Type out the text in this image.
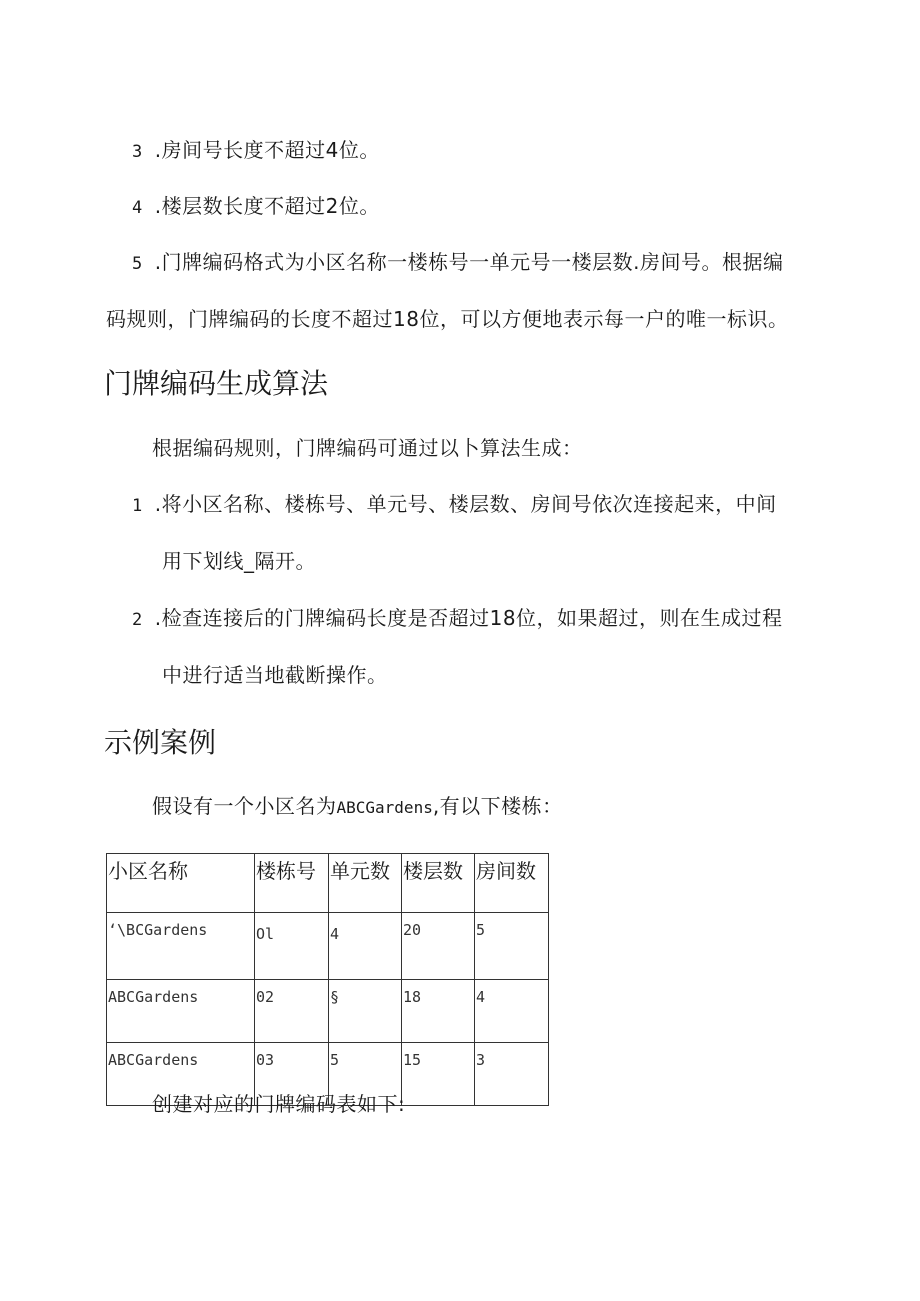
3 .房间号长度不超过4位。
4 .楼层数长度不超过2位。
5 .门牌编码格式为小区名称一楼栋号一单元号一楼层数.房间号。根据编
码规则，门牌编码的长度不超过18位，可以方便地表示每一户的唯一标识。
门牌编码生成算法
根据编码规则，门牌编码可通过以卜算法生成：
1 .将小区名称、楼栋号、单元号、楼层数、房间号依次连接起来，中间
用下划线_隔开。
2 .检查连接后的门牌编码长度是否超过18位，如果超过，则在生成过程
中进行适当地截断操作。
示例案例
假设有一个小区名为ABCGardens,有以下楼栋：
小区名称	楼栋号	单元数	楼层数	房间数
‘\BCGardens	Ol	4	20	5
ABCGardens	02	§	18	4
ABCGardens	03	5	15	3
创建对应的门牌编码表如下:
